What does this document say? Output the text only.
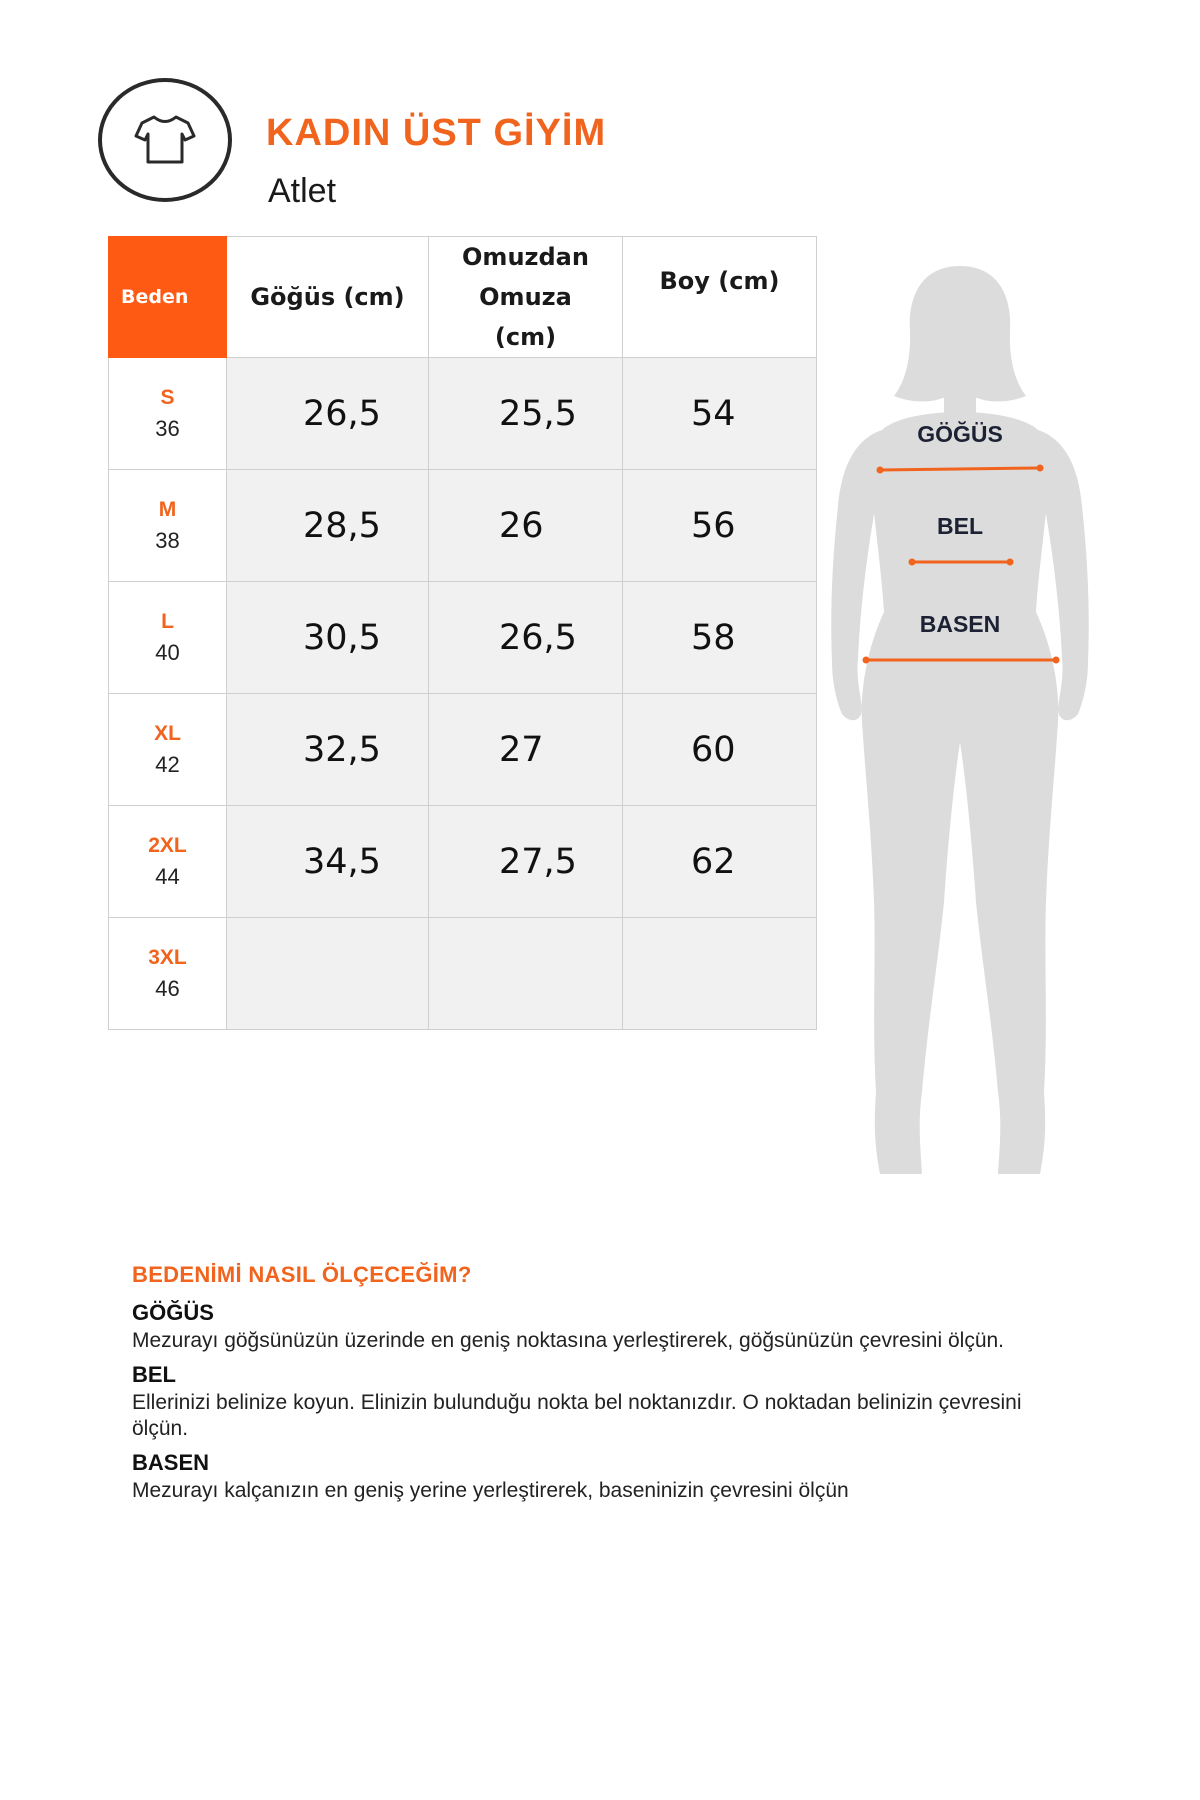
KADIN ÜST GİYİM

Atlet

Beden	Göğüs (cm)	Omuzdan Omuza (cm)	Boy (cm)

S
36	26,5	25,5	54

M
38	28,5	26	56

L
40	30,5	26,5	58

XL
42	32,5	27	60

2XL
44	34,5	27,5	62

3XL
46			

GÖĞÜS
BEL
BASEN

BEDENİMİ NASIL ÖLÇECEĞİM?

GÖĞÜS

Mezurayı göğsünüzün üzerinde en geniş noktasına yerleştirerek, göğsünüzün çevresini ölçün.

BEL

Ellerinizi belinize koyun. Elinizin bulunduğu nokta bel noktanızdır. O noktadan belinizin çevresini ölçün.

BASEN

Mezurayı kalçanızın en geniş yerine yerleştirerek, baseninizin çevresini ölçün
